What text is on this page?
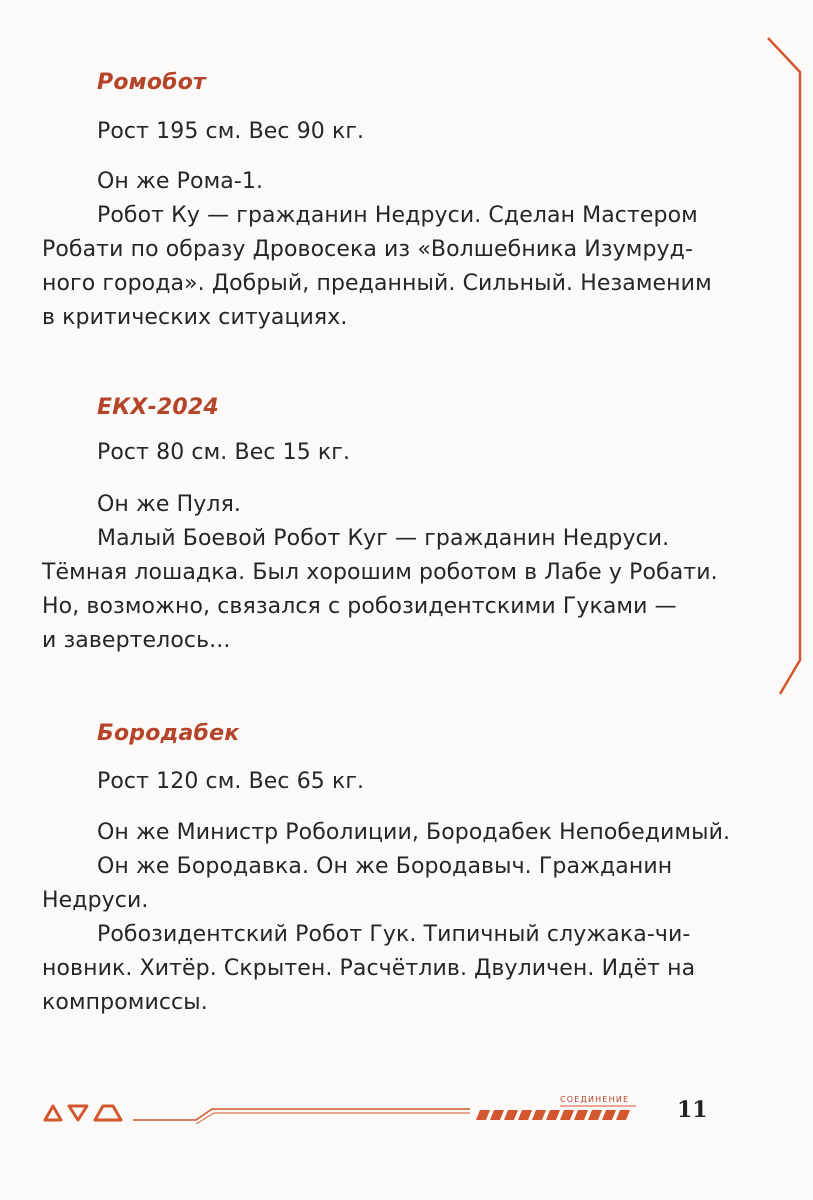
Ромобот

Рост 195 см. Вес 90 кг.

Он же Рома-1.

Робот Ку — гражданин Недруси. Сделан Мастером

Робати по образу Дровосека из «Волшебника Изумруд-

ного города». Добрый, преданный. Сильный. Незаменим

в критических ситуациях.

ЕКХ-2024

Рост 80 см. Вес 15 кг.

Он же Пуля.

Малый Боевой Робот Куг — гражданин Недруси.

Тёмная лошадка. Был хорошим роботом в Лабе у Робати.

Но, возможно, связался с робозидентскими Гуками —

и завертелось...

Бородабек

Рост 120 см. Вес 65 кг.

Он же Министр Роболиции, Бородабек Непобедимый.

Он же Бородавка. Он же Бородавыч. Гражданин

Недруси.

Робозидентский Робот Гук. Типичный служака-чи-

новник. Хитёр. Скрытен. Расчётлив. Двуличен. Идёт на

компромиссы.

СОЕДИНЕНИЕ 11
